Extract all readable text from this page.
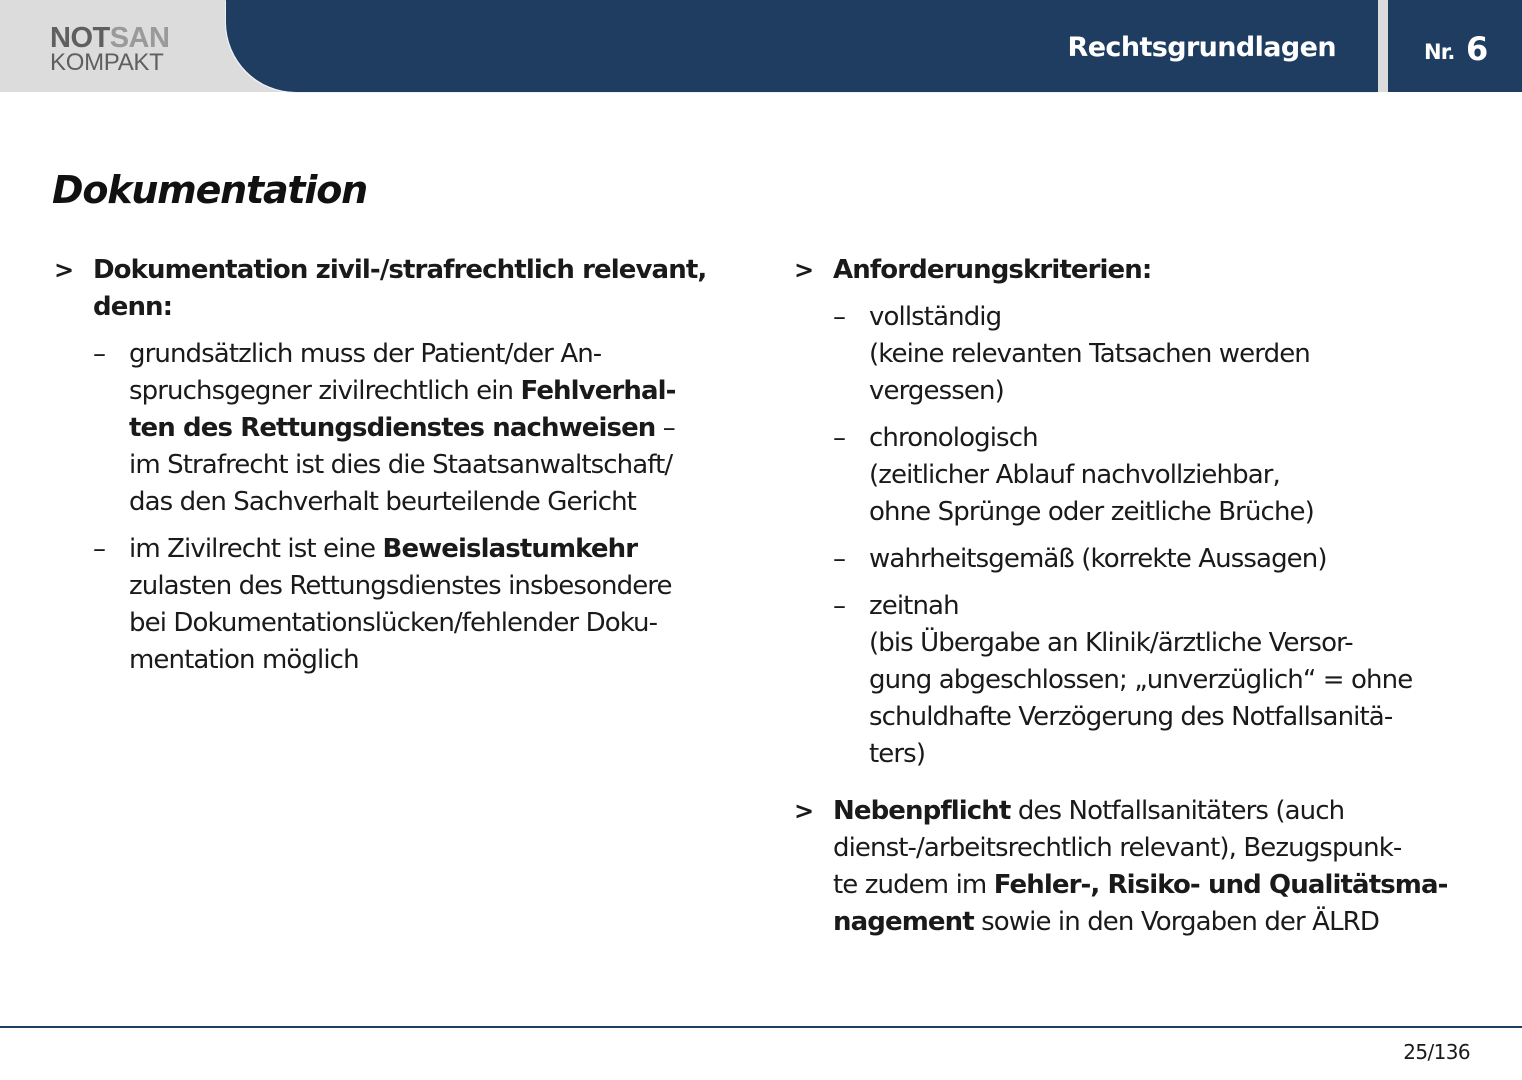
NOTSAN
KOMPAKT	Rechtsgrundlagen	Nr. 6
Dokumentation
> Dokumentation zivil-/strafrechtlich relevant,
denn:
– grundsätzlich muss der Patient/der An-
spruchsgegner zivilrechtlich ein Fehlverhal-
ten des Rettungsdienstes nachweisen –
im Strafrecht ist dies die Staatsanwaltschaft/
das den Sachverhalt beurteilende Gericht
– im Zivilrecht ist eine Beweislastumkehr
zulasten des Rettungsdienstes insbesondere
bei Dokumentationslücken/fehlender Doku-
mentation möglich
> Anforderungskriterien:
– vollständig
(keine relevanten Tatsachen werden
vergessen)
– chronologisch
(zeitlicher Ablauf nachvollziehbar,
ohne Sprünge oder zeitliche Brüche)
– wahrheitsgemäß (korrekte Aussagen)
– zeitnah
(bis Übergabe an Klinik/ärztliche Versor-
gung abgeschlossen; „unverzüglich“ = ohne
schuldhafte Verzögerung des Notfallsanitä-
ters)
> Nebenpflicht des Notfallsanitäters (auch
dienst-/arbeitsrechtlich relevant), Bezugspunk-
te zudem im Fehler-, Risiko- und Qualitätsma-
nagement sowie in den Vorgaben der ÄLRD
25/136
